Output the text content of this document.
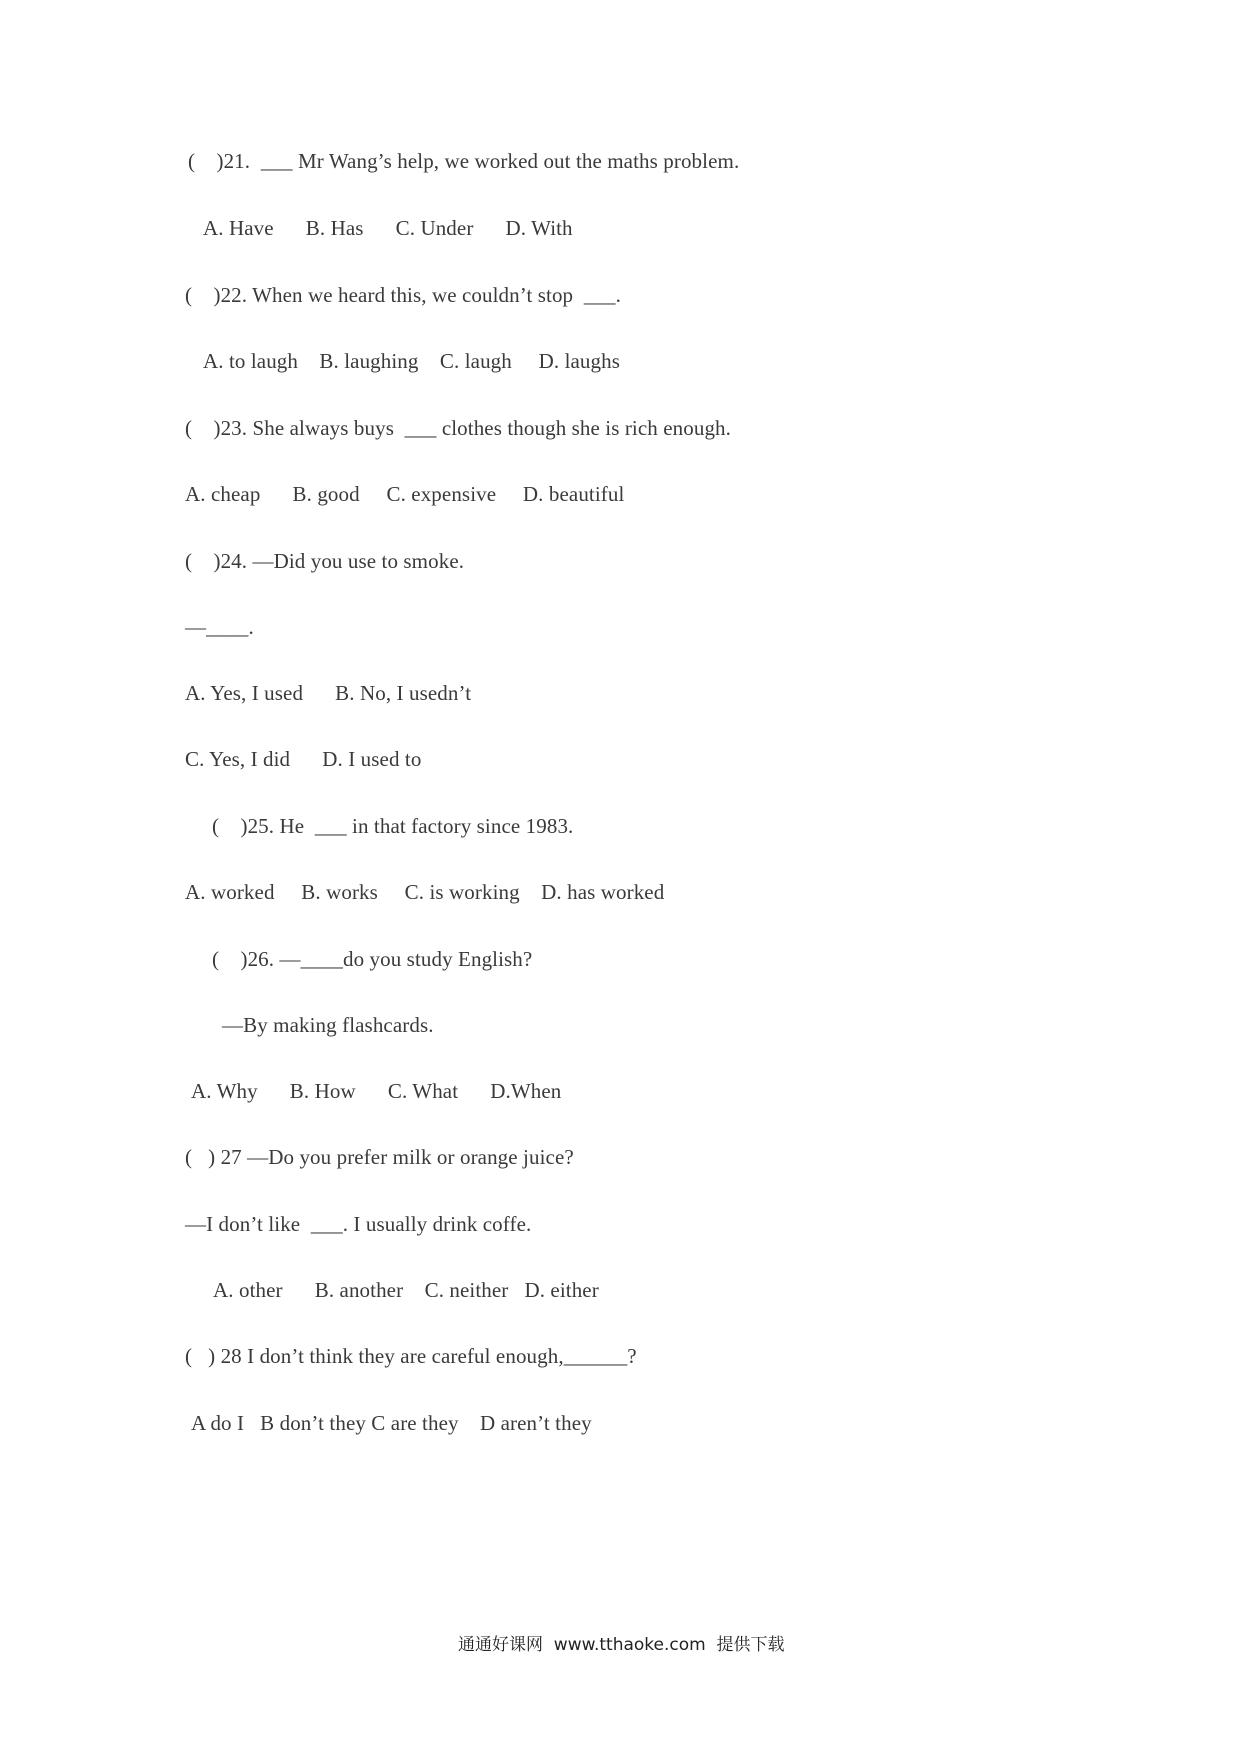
(    )21.  ___ Mr Wang’s help, we worked out the maths problem.
A. Have      B. Has      C. Under      D. With
(    )22. When we heard this, we couldn’t stop  ___.
A. to laugh    B. laughing    C. laugh     D. laughs
(    )23. She always buys  ___ clothes though she is rich enough.
A. cheap      B. good     C. expensive     D. beautiful
(    )24. —Did you use to smoke.
—____.
A. Yes, I used      B. No, I usedn’t
C. Yes, I did      D. I used to
(    )25. He  ___ in that factory since 1983.
A. worked     B. works     C. is working    D. has worked
(    )26. —____do you study English?
—By making flashcards.
A. Why      B. How      C. What      D.When
(   ) 27 —Do you prefer milk or orange juice?
—I don’t like  ___. I usually drink coffe.
A. other      B. another    C. neither   D. either
(   ) 28 I don’t think they are careful enough,______?
A do I   B don’t they C are they    D aren’t they
通通好课网  www.tthaoke.com  提供下载
